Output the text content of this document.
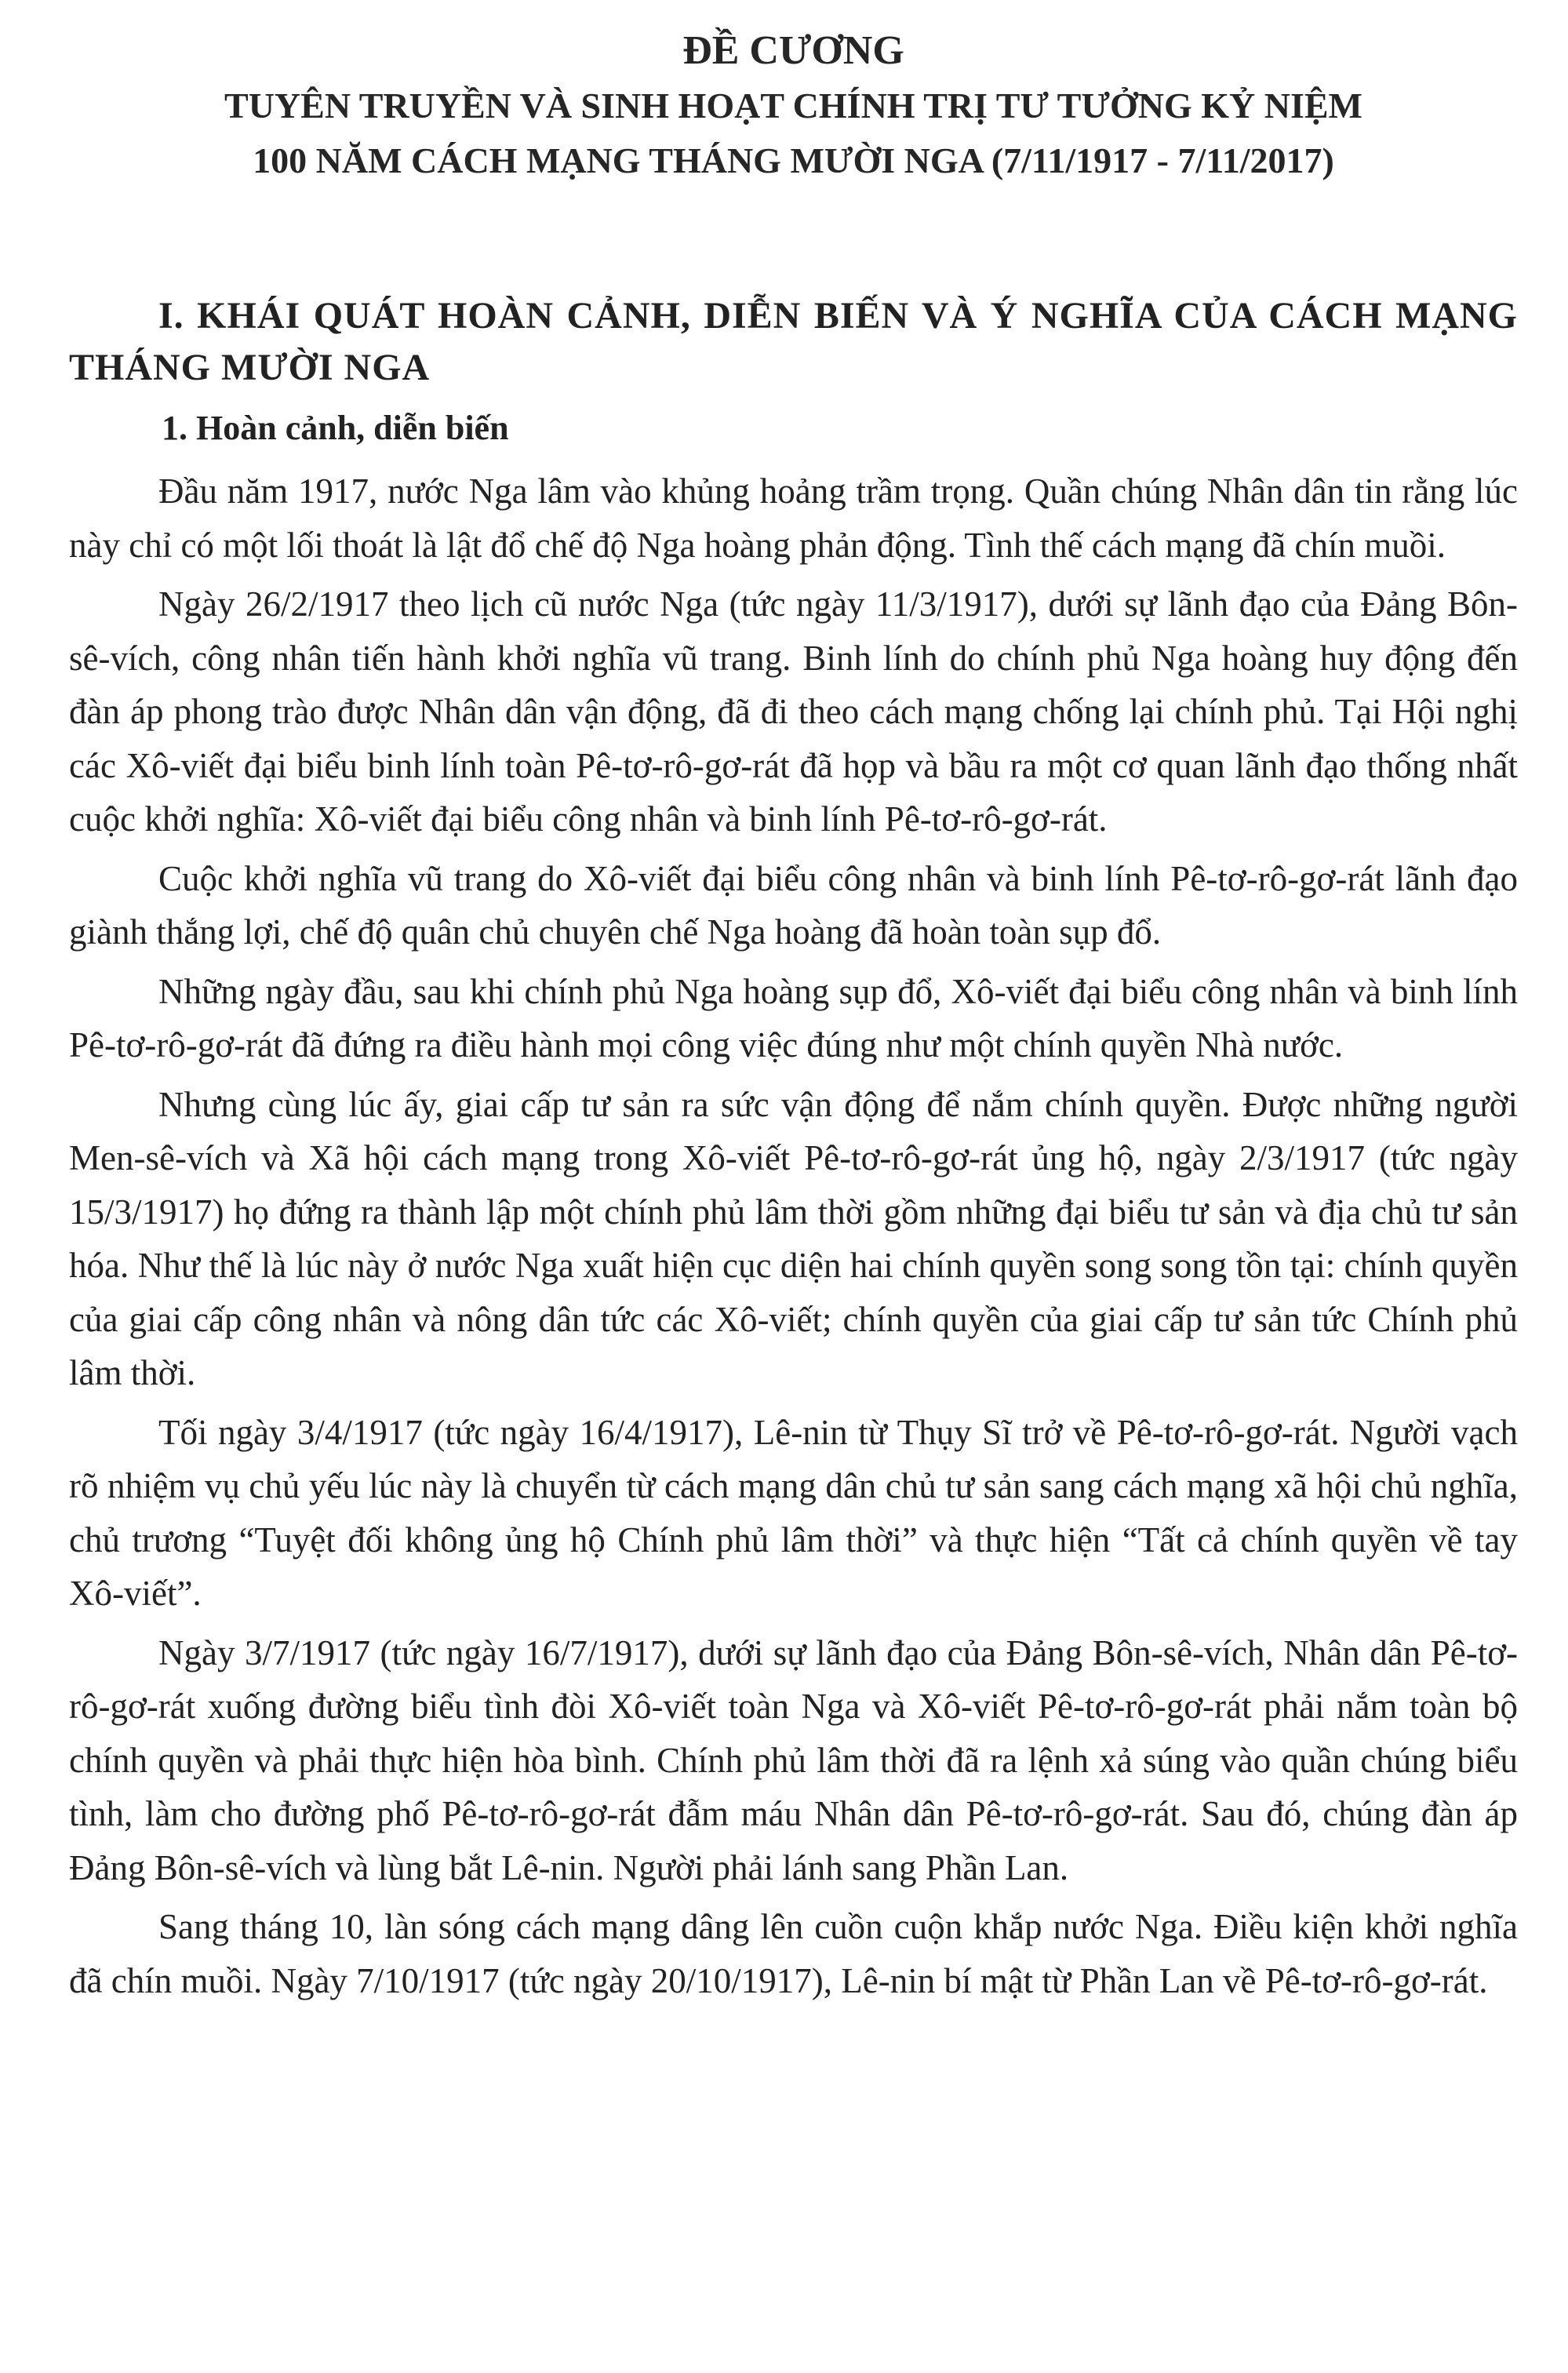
ĐỀ CƯƠNG
TUYÊN TRUYỀN VÀ SINH HOẠT CHÍNH TRỊ TƯ TƯỞNG KỶ NIỆM
100 NĂM CÁCH MẠNG THÁNG MƯỜI NGA (7/11/1917 - 7/11/2017)
I. KHÁI QUÁT HOÀN CẢNH, DIỄN BIẾN VÀ Ý NGHĨA CỦA CÁCH MẠNG THÁNG MƯỜI NGA
1. Hoàn cảnh, diễn biến

Đầu năm 1917, nước Nga lâm vào khủng hoảng trầm trọng. Quần chúng Nhân dân tin rằng lúc này chỉ có một lối thoát là lật đổ chế độ Nga hoàng phản động. Tình thế cách mạng đã chín muồi.

Ngày 26/2/1917 theo lịch cũ nước Nga (tức ngày 11/3/1917), dưới sự lãnh đạo của Đảng Bôn-sê-vích, công nhân tiến hành khởi nghĩa vũ trang. Binh lính do chính phủ Nga hoàng huy động đến đàn áp phong trào được Nhân dân vận động, đã đi theo cách mạng chống lại chính phủ. Tại Hội nghị các Xô-viết đại biểu binh lính toàn Pê-tơ-rô-gơ-rát đã họp và bầu ra một cơ quan lãnh đạo thống nhất cuộc khởi nghĩa: Xô-viết đại biểu công nhân và binh lính Pê-tơ-rô-gơ-rát.

Cuộc khởi nghĩa vũ trang do Xô-viết đại biểu công nhân và binh lính Pê-tơ-rô-gơ-rát lãnh đạo giành thắng lợi, chế độ quân chủ chuyên chế Nga hoàng đã hoàn toàn sụp đổ.

Những ngày đầu, sau khi chính phủ Nga hoàng sụp đổ, Xô-viết đại biểu công nhân và binh lính Pê-tơ-rô-gơ-rát đã đứng ra điều hành mọi công việc đúng như một chính quyền Nhà nước.

Nhưng cùng lúc ấy, giai cấp tư sản ra sức vận động để nắm chính quyền. Được những người Men-sê-vích và Xã hội cách mạng trong Xô-viết Pê-tơ-rô-gơ-rát ủng hộ, ngày 2/3/1917 (tức ngày 15/3/1917) họ đứng ra thành lập một chính phủ lâm thời gồm những đại biểu tư sản và địa chủ tư sản hóa. Như thế là lúc này ở nước Nga xuất hiện cục diện hai chính quyền song song tồn tại: chính quyền của giai cấp công nhân và nông dân tức các Xô-viết; chính quyền của giai cấp tư sản tức Chính phủ lâm thời.

Tối ngày 3/4/1917 (tức ngày 16/4/1917), Lê-nin từ Thụy Sĩ trở về Pê-tơ-rô-gơ-rát. Người vạch rõ nhiệm vụ chủ yếu lúc này là chuyển từ cách mạng dân chủ tư sản sang cách mạng xã hội chủ nghĩa, chủ trương “Tuyệt đối không ủng hộ Chính phủ lâm thời” và thực hiện “Tất cả chính quyền về tay Xô-viết”.

Ngày 3/7/1917 (tức ngày 16/7/1917), dưới sự lãnh đạo của Đảng Bôn-sê-vích, Nhân dân Pê-tơ-rô-gơ-rát xuống đường biểu tình đòi Xô-viết toàn Nga và Xô-viết Pê-tơ-rô-gơ-rát phải nắm toàn bộ chính quyền và phải thực hiện hòa bình. Chính phủ lâm thời đã ra lệnh xả súng vào quần chúng biểu tình, làm cho đường phố Pê-tơ-rô-gơ-rát đẫm máu Nhân dân Pê-tơ-rô-gơ-rát. Sau đó, chúng đàn áp Đảng Bôn-sê-vích và lùng bắt Lê-nin. Người phải lánh sang Phần Lan.

Sang tháng 10, làn sóng cách mạng dâng lên cuồn cuộn khắp nước Nga. Điều kiện khởi nghĩa đã chín muồi. Ngày 7/10/1917 (tức ngày 20/10/1917), Lê-nin bí mật từ Phần Lan về Pê-tơ-rô-gơ-rát.
